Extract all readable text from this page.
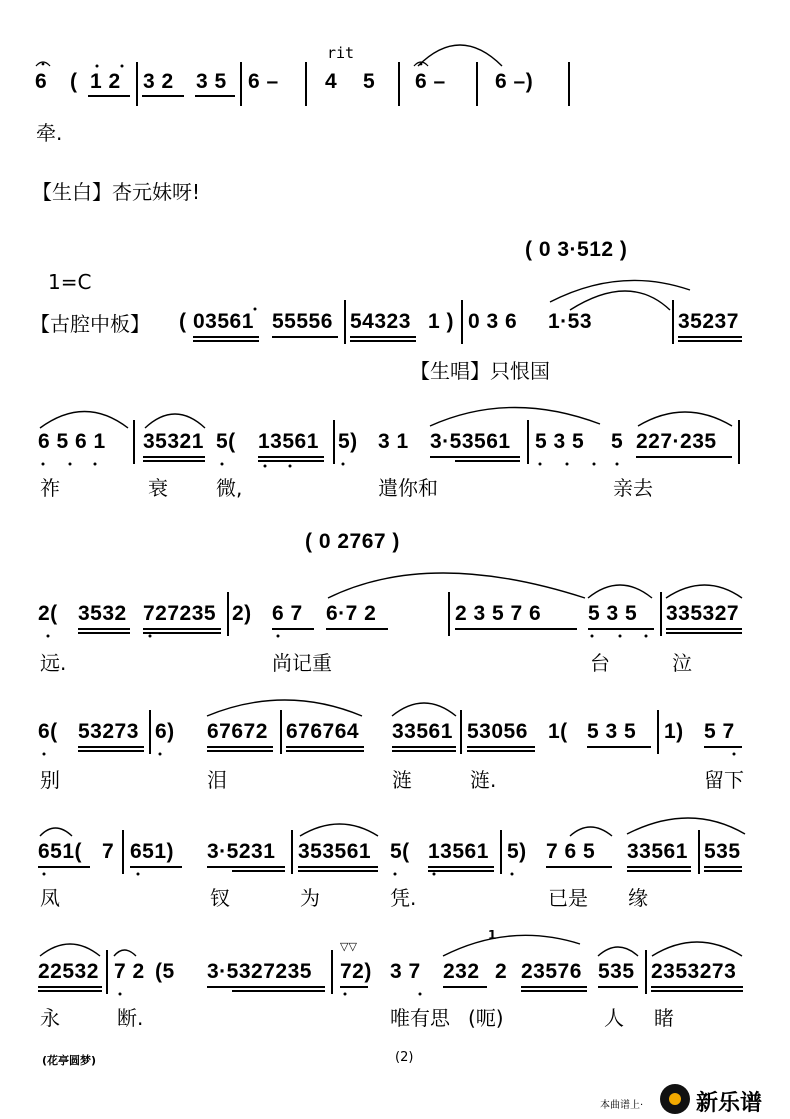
6 ( 1 2 3 2 3 5 6 –
rit
4 5 6 – 6 –)
牵.
【生白】杏元妹呀!
( 0 3·512 )
1=C
【古腔中板】 ( 03561 55556 54323 1 ) 0 3 6 1·53	35237
【生唱】只恨国
6 5 6 1 35321 5( 13561 5) 3 1 3·53561 5 3 5 5 227·235
祚	衰 微,	遣你和	亲去
( 0 2767 )
2( 3532 727235 2) 6 7 6·7 2	2 3 5 7 6 5 3 5 335327
远.	尚记重	台	泣
6( 53273 6) 67672 676764 33561 53056 1( 5 3 5 1) 5 7
别	泪	涟	涟.	留下
651( 7 651) 3·5231 353561 5( 13561 5) 7 6 5 33561 535
凤	钗	为	凭.	已是 缘
22532 7 2 (5 3·5327235
▽▽
72) 3 7 232
1
2 23576 535 2353273
永	断.	唯有思 (呃)	人 睹
(花亭圆梦)	(2)
本曲谱上· 新乐谱
